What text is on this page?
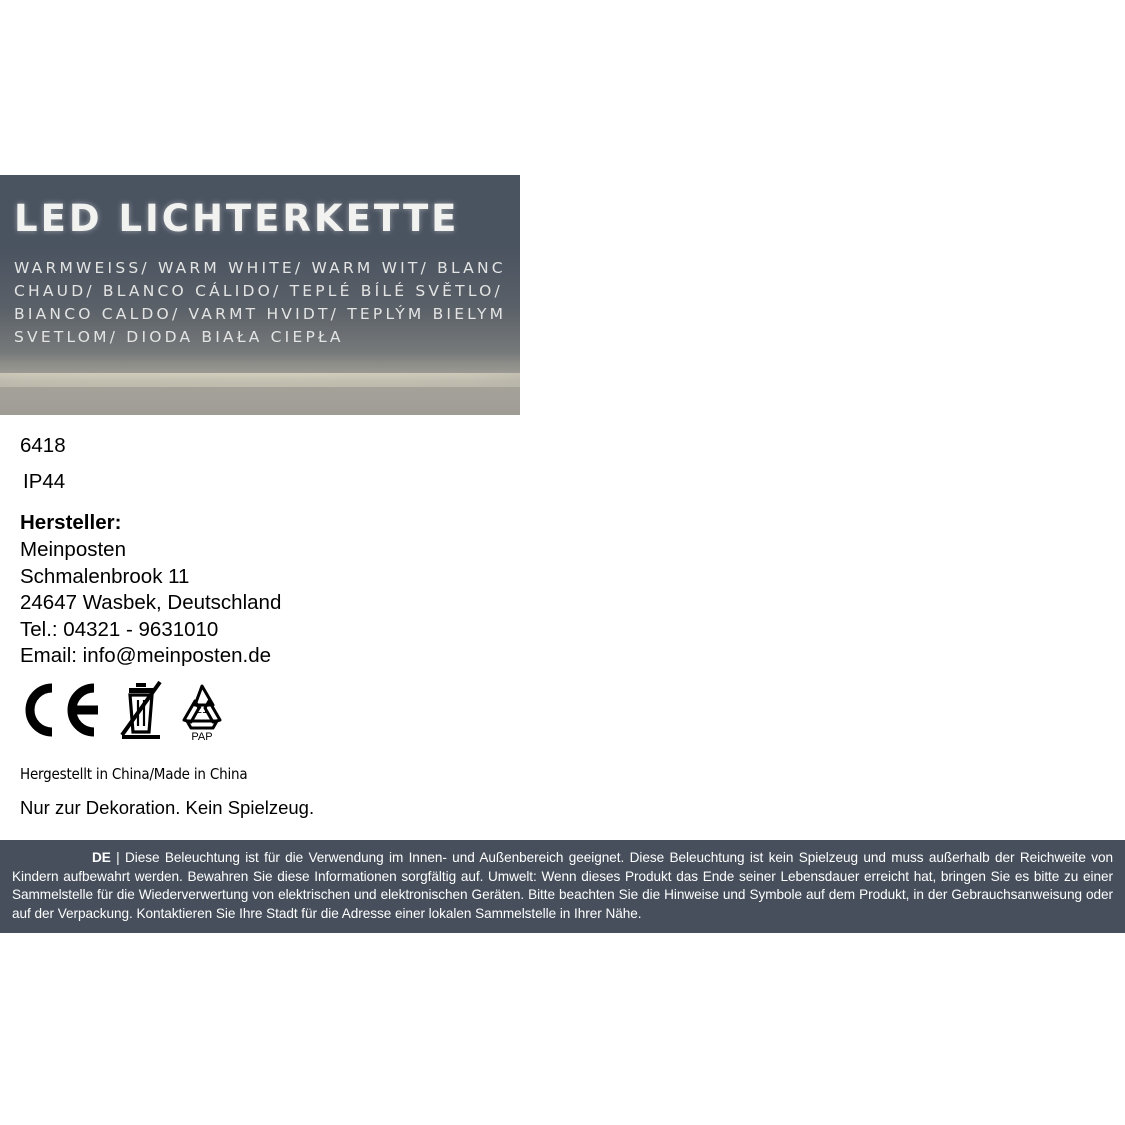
LED LICHTERKETTE
WARMWEISS/ WARM WHITE/ WARM WIT/ BLANC CHAUD/ BLANCO CÁLIDO/ TEPLÉ BÍLÉ SVĚTLO/ BIANCO CALDO/ VARMT HVIDT/ TEPLÝM BIELYM SVETLOM/ DIODA BIAŁA CIEPŁA
6418
IP44
Hersteller:
Meinposten
Schmalenbrook 11
24647 Wasbek, Deutschland
Tel.: 04321 - 9631010
Email: info@meinposten.de
21
PAP
Hergestellt in China/Made in China
Nur zur Dekoration. Kein Spielzeug.
DE | Diese Beleuchtung ist für die Verwendung im Innen- und Außenbereich geeignet. Diese Beleuchtung ist kein Spielzeug und muss außerhalb der Reichweite von Kindern aufbewahrt werden. Bewahren Sie diese Informationen sorgfältig auf. Umwelt: Wenn dieses Produkt das Ende seiner Lebensdauer erreicht hat, bringen Sie es bitte zu einer Sammelstelle für die Wiederverwertung von elektrischen und elektronischen Geräten. Bitte beachten Sie die Hinweise und Symbole auf dem Produkt, in der Gebrauchsanweisung oder auf der Verpackung. Kontaktieren Sie Ihre Stadt für die Adresse einer lokalen Sammelstelle in Ihrer Nähe.
